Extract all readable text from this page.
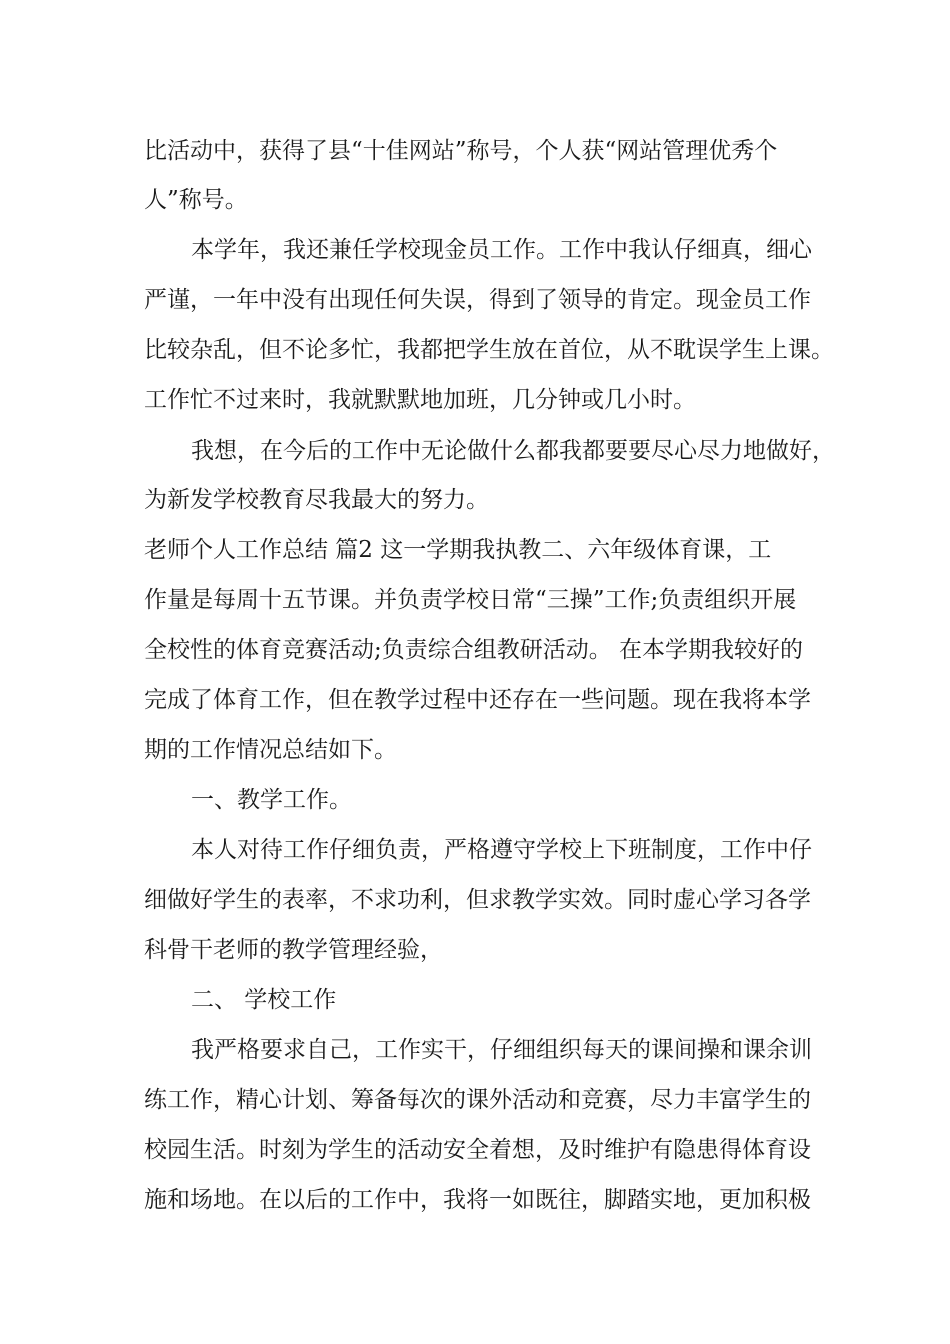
比活动中，获得了县“十佳网站”称号，个人获“网站管理优秀个
人”称号。
本学年，我还兼任学校现金员工作。工作中我认仔细真，细心
严谨，一年中没有出现任何失误，得到了领导的肯定。现金员工作
比较杂乱，但不论多忙，我都把学生放在首位，从不耽误学生上课。
工作忙不过来时，我就默默地加班，几分钟或几小时。
我想，在今后的工作中无论做什么都我都要要尽心尽力地做好，
为新发学校教育尽我最大的努力。
老师个人工作总结 篇2 这一学期我执教二、六年级体育课，工
作量是每周十五节课。并负责学校日常“三操”工作;负责组织开展
全校性的体育竞赛活动;负责综合组教研活动。 在本学期我较好的
完成了体育工作，但在教学过程中还存在一些问题。现在我将本学
期的工作情况总结如下。
一、教学工作。
本人对待工作仔细负责，严格遵守学校上下班制度，工作中仔
细做好学生的表率，不求功利，但求教学实效。同时虚心学习各学
科骨干老师的教学管理经验，
二、 学校工作
我严格要求自己，工作实干，仔细组织每天的课间操和课余训
练工作，精心计划、筹备每次的课外活动和竞赛，尽力丰富学生的
校园生活。时刻为学生的活动安全着想，及时维护有隐患得体育设
施和场地。在以后的工作中，我将一如既往，脚踏实地，更加积极
